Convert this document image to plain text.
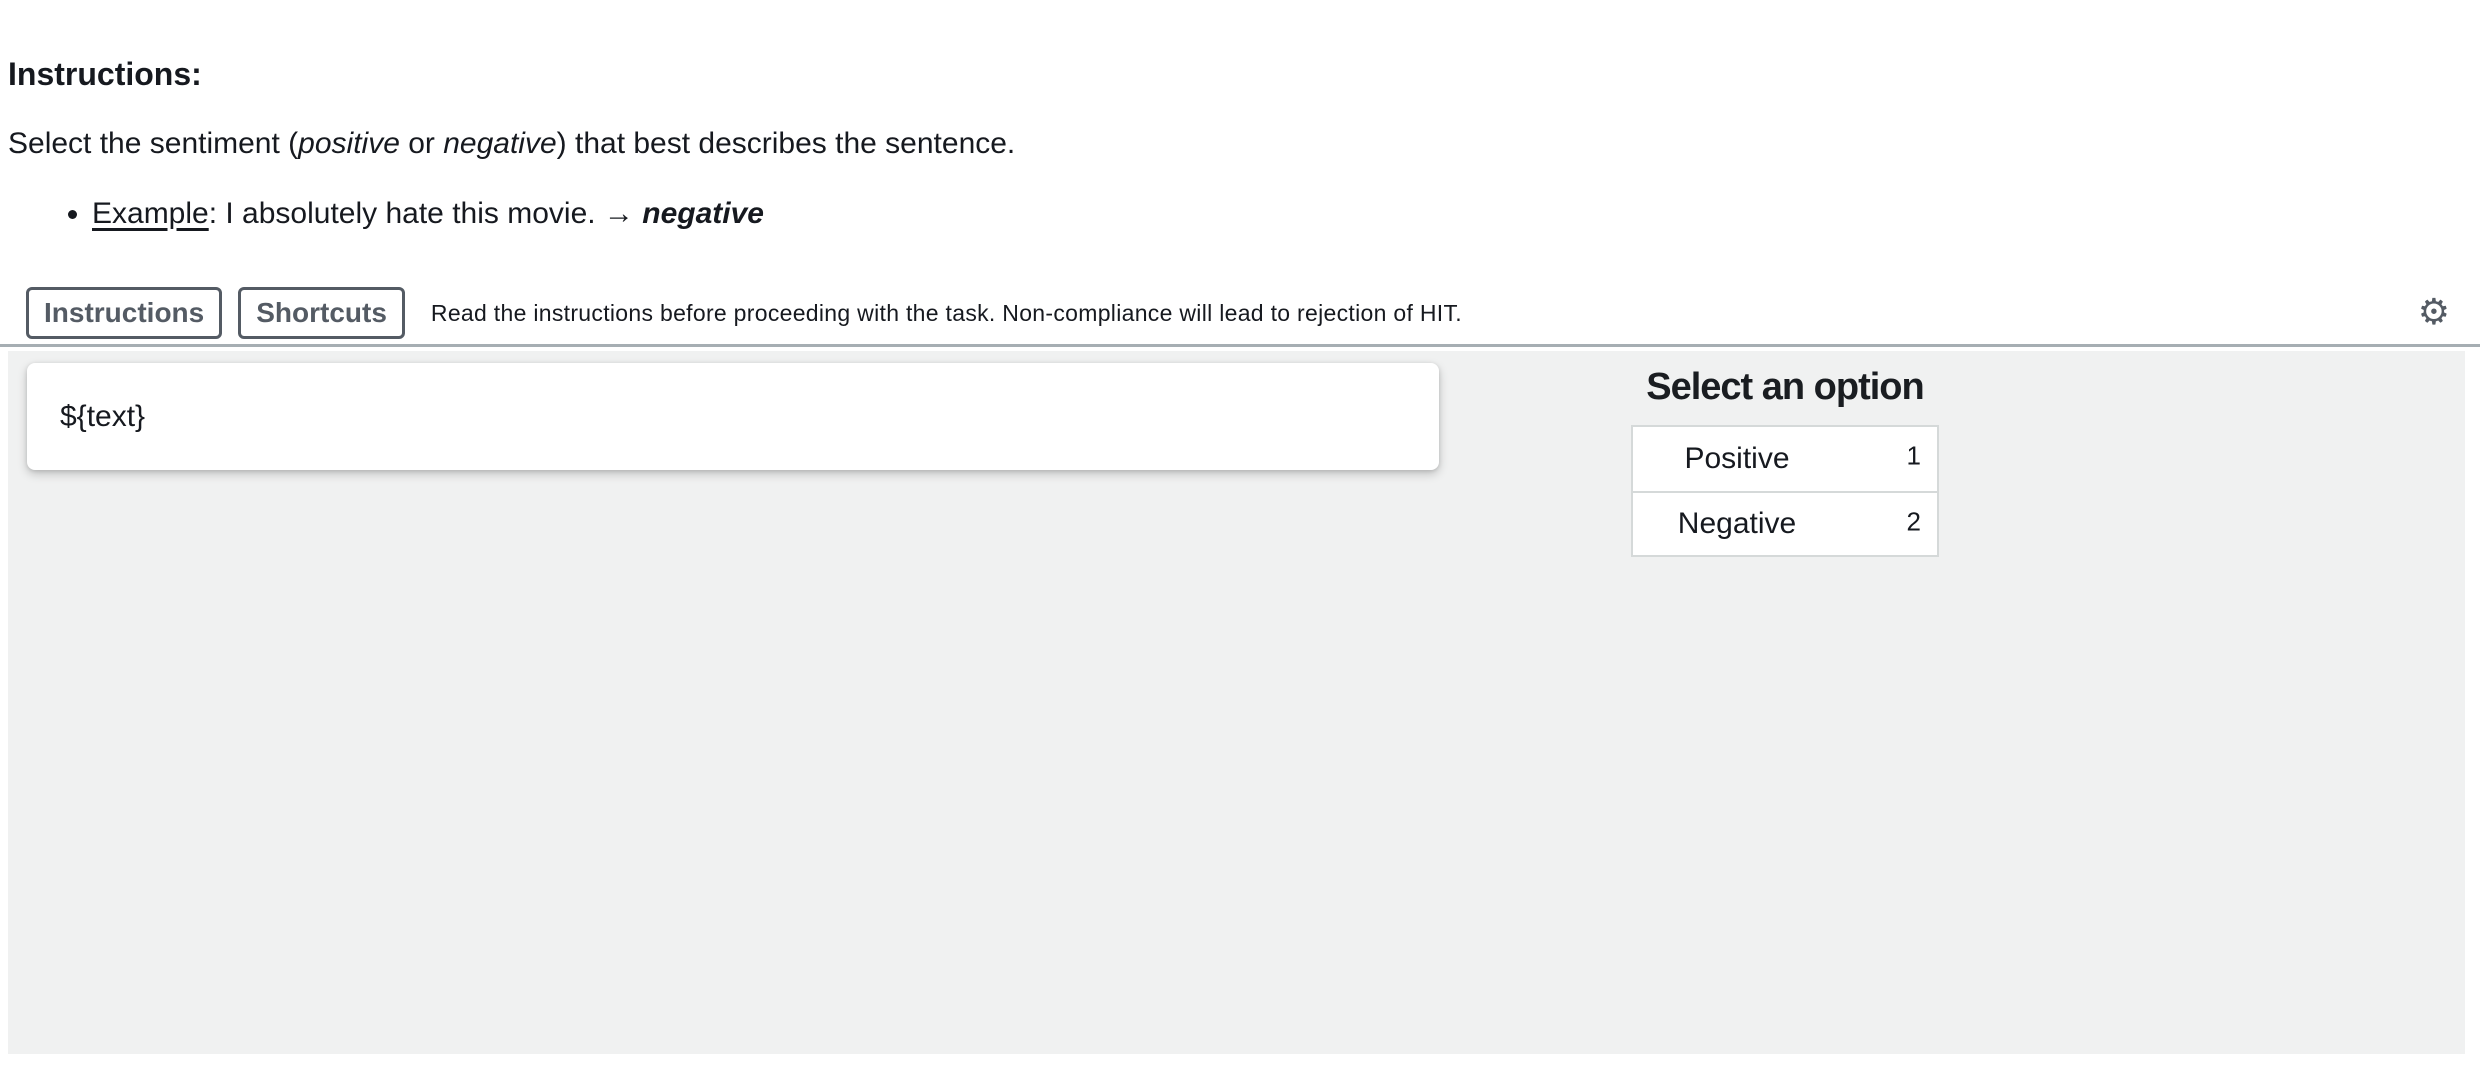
Instructions:

Select the sentiment (positive or negative) that best describes the sentence.

• Example: I absolutely hate this movie. → negative
Instructions	Shortcuts	Read the instructions before proceeding with the task. Non-compliance will lead to rejection of HIT.	⚙
${text}
Select an option
Positive	1
Negative	2
